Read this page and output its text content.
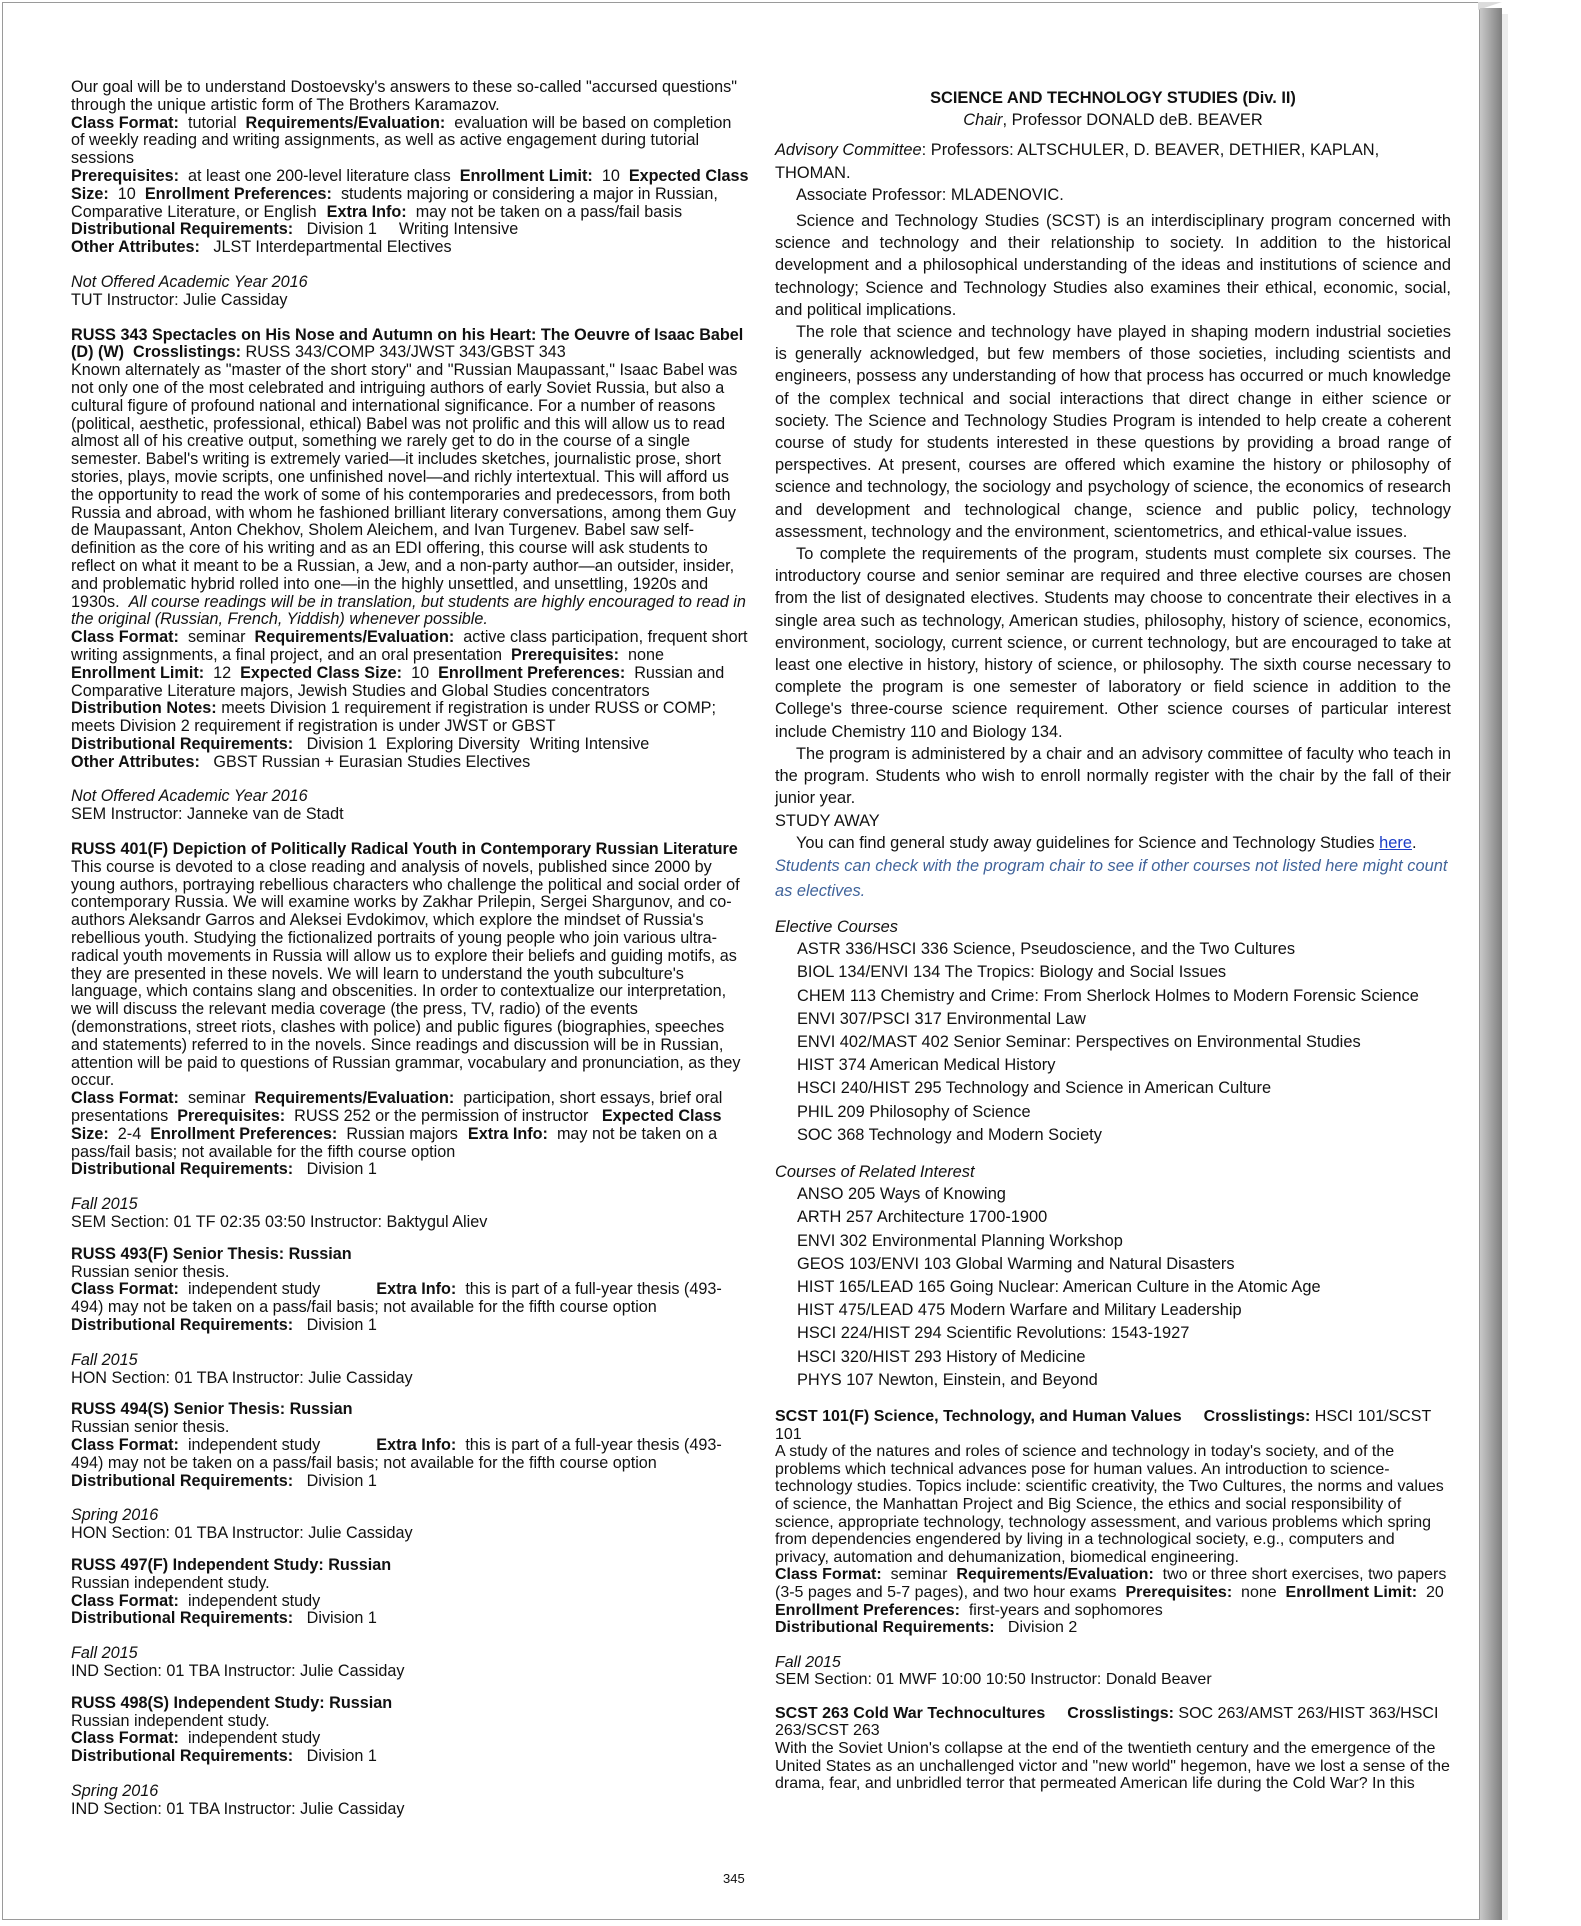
Our goal will be to understand Dostoevsky's answers to these so-called "accursed questions"

through the unique artistic form of The Brothers Karamazov.

Class Format: tutorial Requirements/Evaluation: evaluation will be based on completion of weekly reading and writing assignments, as well as active engagement during tutorial sessions
Prerequisites: at least one 200-level literature class Enrollment Limit: 10 Expected Class Size: 10 Enrollment Preferences: students majoring or considering a major in Russian, Comparative Literature, or English Extra Info: may not be taken on a pass/fail basis
Distributional Requirements: Division 1 Writing Intensive
Other Attributes: JLST Interdepartmental Electives

Not Offered Academic Year 2016

TUT Instructor: Julie Cassiday

RUSS 343 Spectacles on His Nose and Autumn on his Heart: The Oeuvre of Isaac Babel (D) (W) Crosslistings: RUSS 343/COMP 343/JWST 343/GBST 343
Known alternately as "master of the short story" and "Russian Maupassant," Isaac Babel was not only one of the most celebrated and intriguing authors of early Soviet Russia, but also a cultural figure of profound national and international significance. For a number of reasons (political, aesthetic, professional, ethical) Babel was not prolific and this will allow us to read almost all of his creative output, something we rarely get to do in the course of a single semester. Babel's writing is extremely varied—it includes sketches, journalistic prose, short stories, plays, movie scripts, one unfinished novel—and richly intertextual. This will afford us the opportunity to read the work of some of his contemporaries and predecessors, from both Russia and abroad, with whom he fashioned brilliant literary conversations, among them Guy de Maupassant, Anton Chekhov, Sholem Aleichem, and Ivan Turgenev. Babel saw self-definition as the core of his writing and as an EDI offering, this course will ask students to reflect on what it meant to be a Russian, a Jew, and a non-party author—an outsider, insider, and problematic hybrid rolled into one—in the highly unsettled, and unsettling, 1920s and 1930s. All course readings will be in translation, but students are highly encouraged to read in the original (Russian, French, Yiddish) whenever possible.
Class Format: seminar Requirements/Evaluation: active class participation, frequent short writing assignments, a final project, and an oral presentation Prerequisites: none  Enrollment Limit: 12 Expected Class Size: 10 Enrollment Preferences: Russian and Comparative Literature majors, Jewish Studies and Global Studies concentrators  Distribution Notes: meets Division 1 requirement if registration is under RUSS or COMP; meets Division 2 requirement if registration is under JWST or GBST
Distributional Requirements: Division 1 Exploring Diversity Writing Intensive
Other Attributes: GBST Russian + Eurasian Studies Electives

Not Offered Academic Year 2016

SEM Instructor: Janneke van de Stadt

RUSS 401(F) Depiction of Politically Radical Youth in Contemporary Russian Literature
This course is devoted to a close reading and analysis of novels, published since 2000 by young authors, portraying rebellious characters who challenge the political and social order of contemporary Russia. We will examine works by Zakhar Prilepin, Sergei Shargunov, and co-authors Aleksandr Garros and Aleksei Evdokimov, which explore the mindset of Russia's rebellious youth. Studying the fictionalized portraits of young people who join various ultra-radical youth movements in Russia will allow us to explore their beliefs and guiding motifs, as they are presented in these novels. We will learn to understand the youth subculture's language, which contains slang and obscenities. In order to contextualize our interpretation, we will discuss the relevant media coverage (the press, TV, radio) of the events (demonstrations, street riots, clashes with police) and public figures (biographies, speeches and statements) referred to in the novels. Since readings and discussion will be in Russian, attention will be paid to questions of Russian grammar, vocabulary and pronunciation, as they occur.
Class Format: seminar Requirements/Evaluation: participation, short essays, brief oral presentations Prerequisites: RUSS 252 or the permission of instructor Expected Class Size: 2-4 Enrollment Preferences: Russian majors Extra Info: may not be taken on a pass/fail basis; not available for the fifth course option
Distributional Requirements: Division 1

Fall 2015

SEM Section: 01 TF 02:35 03:50 Instructor: Baktygul Aliev

RUSS 493(F) Senior Thesis: Russian
Russian senior thesis.
Class Format: independent study	Extra Info: this is part of a full-year thesis (493-494) may not be taken on a pass/fail basis; not available for the fifth course option
Distributional Requirements: Division 1

Fall 2015

HON Section: 01 TBA Instructor: Julie Cassiday

RUSS 494(S) Senior Thesis: Russian
Russian senior thesis.
Class Format: independent study	Extra Info: this is part of a full-year thesis (493-494) may not be taken on a pass/fail basis; not available for the fifth course option
Distributional Requirements: Division 1

Spring 2016

HON Section: 01 TBA Instructor: Julie Cassiday

RUSS 497(F) Independent Study: Russian
Russian independent study.
Class Format: independent study
Distributional Requirements: Division 1

Fall 2015

IND Section: 01 TBA Instructor: Julie Cassiday

RUSS 498(S) Independent Study: Russian
Russian independent study.
Class Format: independent study
Distributional Requirements: Division 1

Spring 2016

IND Section: 01 TBA Instructor: Julie Cassiday

SCIENCE AND TECHNOLOGY STUDIES (Div. II)

Chair, Professor DONALD deB. BEAVER

Advisory Committee: Professors: ALTSCHULER, D. BEAVER, DETHIER, KAPLAN, THOMAN.

Associate Professor: MLADENOVIC.

Science and Technology Studies (SCST) is an interdisciplinary program concerned with science and technology and their relationship to society. In addition to the historical development and a philosophical understanding of the ideas and institutions of science and technology; Science and Technology Studies also examines their ethical, economic, social, and political implications.

The role that science and technology have played in shaping modern industrial societies is generally acknowledged, but few members of those societies, including scientists and engineers, possess any understanding of how that process has occurred or much knowledge of the complex technical and social interactions that direct change in either science or society. The Science and Technology Studies Program is intended to help create a coherent course of study for students interested in these questions by providing a broad range of perspectives. At present, courses are offered which examine the history or philosophy of science and technology, the sociology and psychology of science, the economics of research and development and technological change, science and public policy, technology assessment, technology and the environment, scientometrics, and ethical-value issues.

To complete the requirements of the program, students must complete six courses. The introductory course and senior seminar are required and three elective courses are chosen from the list of designated electives. Students may choose to concentrate their electives in a single area such as technology, American studies, philosophy, history of science, economics, environment, sociology, current science, or current technology, but are encouraged to take at least one elective in history, history of science, or philosophy. The sixth course necessary to complete the program is one semester of laboratory or field science in addition to the College's three-course science requirement. Other science courses of particular interest include Chemistry 110 and Biology 134.

The program is administered by a chair and an advisory committee of faculty who teach in the program. Students who wish to enroll normally register with the chair by the fall of their junior year.

STUDY AWAY

You can find general study away guidelines for Science and Technology Studies here.

Students can check with the program chair to see if other courses not listed here might count as electives.

Elective Courses

ASTR 336/HSCI 336 Science, Pseudoscience, and the Two Cultures

BIOL 134/ENVI 134 The Tropics: Biology and Social Issues

CHEM 113 Chemistry and Crime: From Sherlock Holmes to Modern Forensic Science

ENVI 307/PSCI 317 Environmental Law

ENVI 402/MAST 402 Senior Seminar: Perspectives on Environmental Studies

HIST 374 American Medical History

HSCI 240/HIST 295 Technology and Science in American Culture

PHIL 209 Philosophy of Science

SOC 368 Technology and Modern Society

Courses of Related Interest

ANSO 205 Ways of Knowing

ARTH 257 Architecture 1700-1900

ENVI 302 Environmental Planning Workshop

GEOS 103/ENVI 103 Global Warming and Natural Disasters

HIST 165/LEAD 165 Going Nuclear: American Culture in the Atomic Age

HIST 475/LEAD 475 Modern Warfare and Military Leadership

HSCI 224/HIST 294 Scientific Revolutions: 1543-1927

HSCI 320/HIST 293 History of Medicine

PHYS 107 Newton, Einstein, and Beyond

SCST 101(F) Science, Technology, and Human Values Crosslistings: HSCI 101/SCST 101
A study of the natures and roles of science and technology in today's society, and of the problems which technical advances pose for human values. An introduction to science-technology studies. Topics include: scientific creativity, the Two Cultures, the norms and values of science, the Manhattan Project and Big Science, the ethics and social responsibility of science, appropriate technology, technology assessment, and various problems which spring from dependencies engendered by living in a technological society, e.g., computers and privacy, automation and dehumanization, biomedical engineering.
Class Format: seminar Requirements/Evaluation: two or three short exercises, two papers (3-5 pages and 5-7 pages), and two hour exams Prerequisites: none Enrollment Limit: 20
Enrollment Preferences: first-years and sophomores
Distributional Requirements: Division 2

Fall 2015

SEM Section: 01 MWF 10:00 10:50 Instructor: Donald Beaver

SCST 263 Cold War Technocultures Crosslistings: SOC 263/AMST 263/HIST 363/HSCI 263/SCST 263
With the Soviet Union's collapse at the end of the twentieth century and the emergence of the United States as an unchallenged victor and "new world" hegemon, have we lost a sense of the drama, fear, and unbridled terror that permeated American life during the Cold War? In this

345
